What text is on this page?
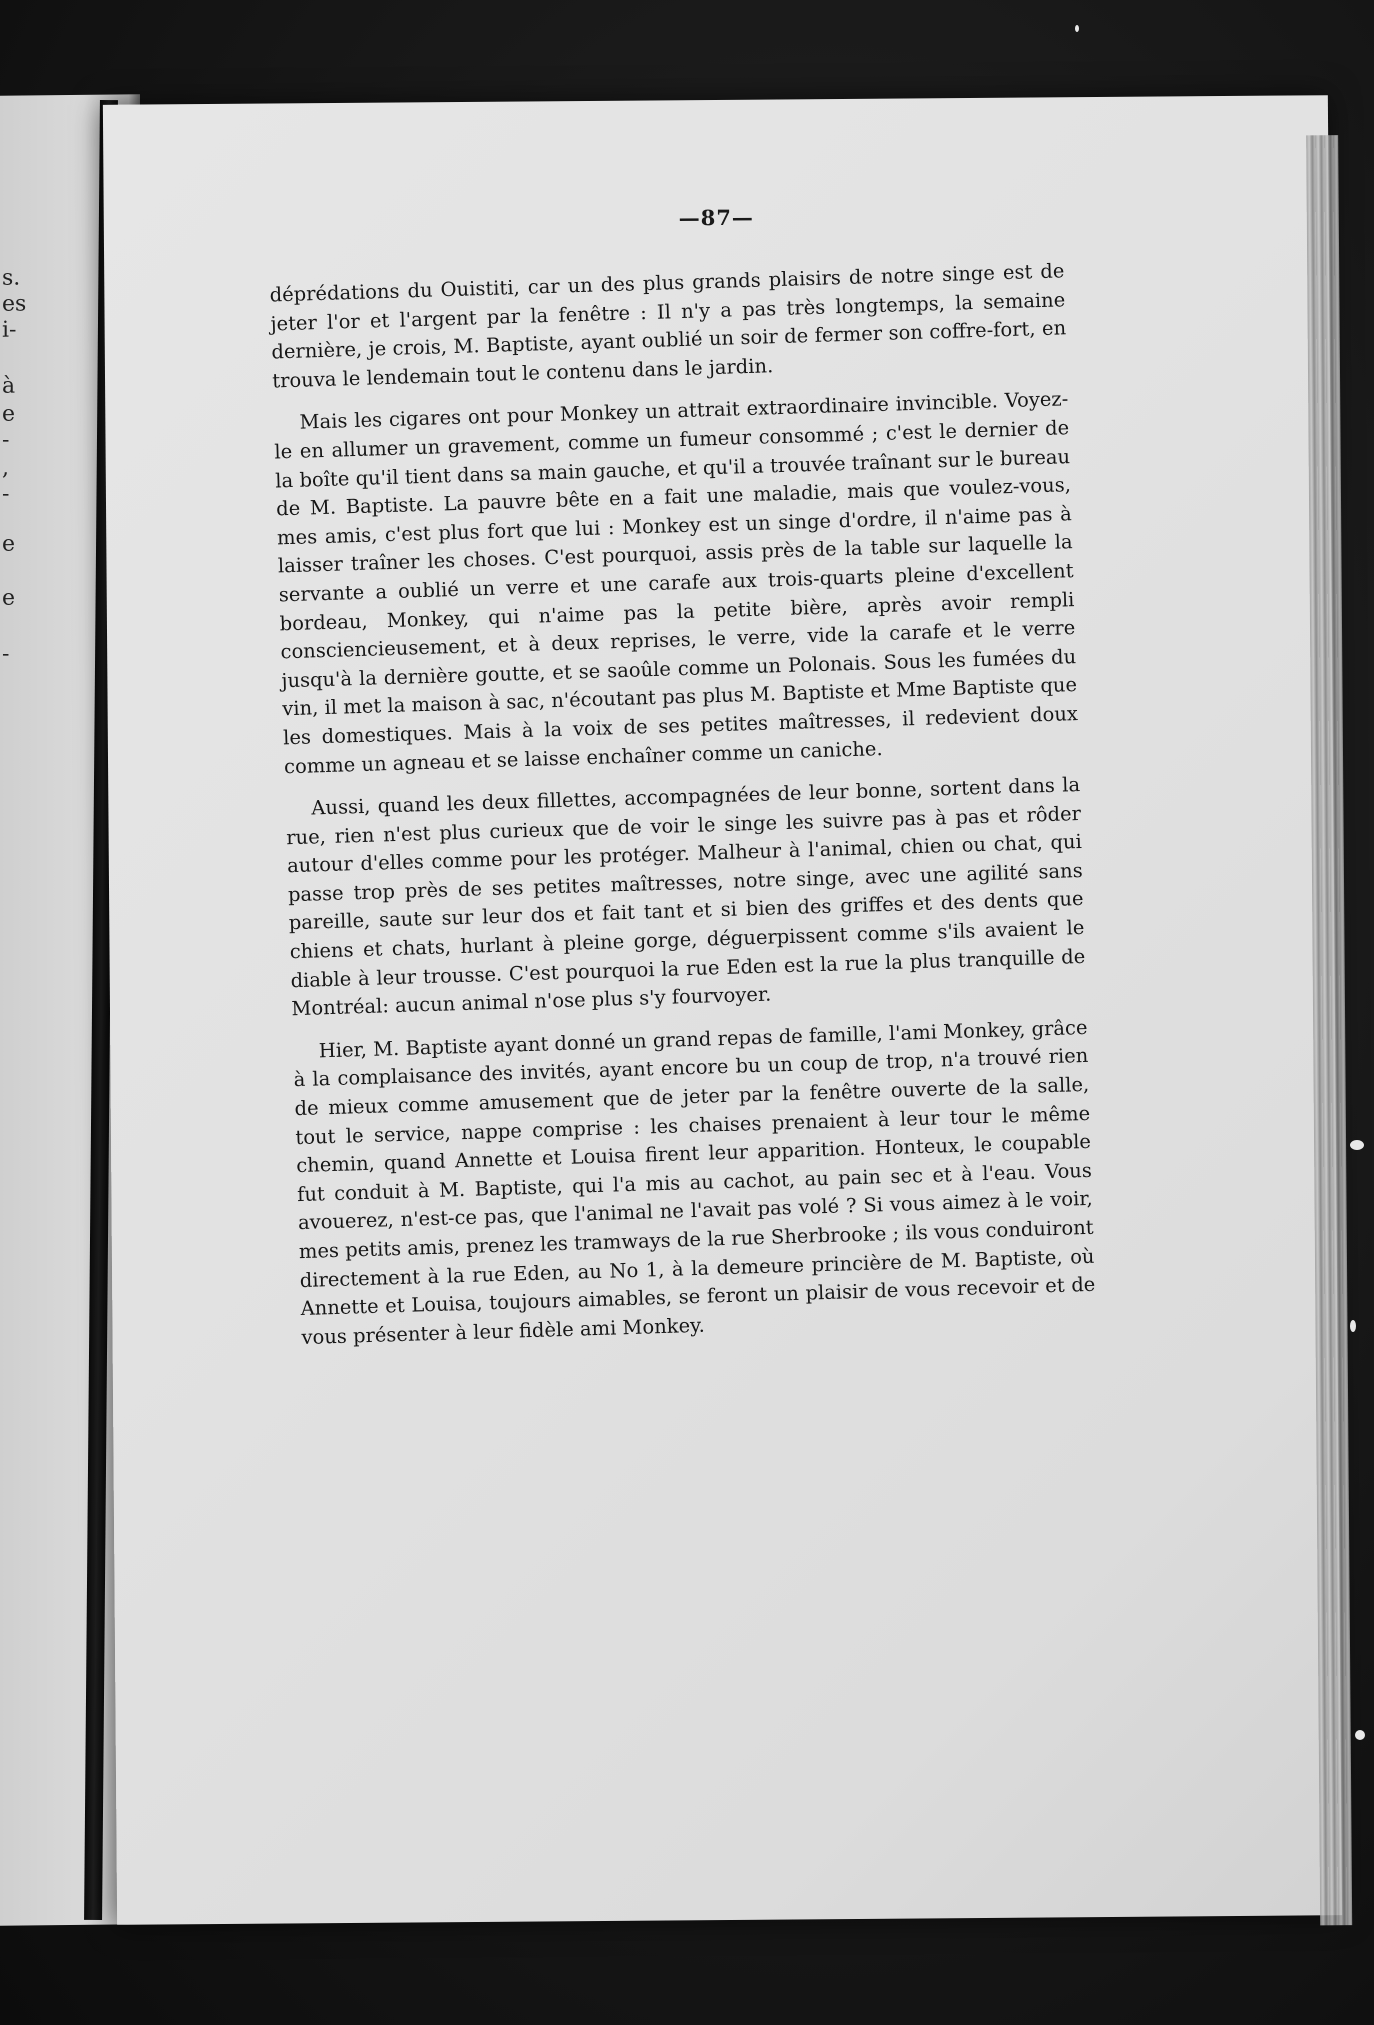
s.
es
i-
à
e
-
,
-
e
e
-
—87—

déprédations du Ouistiti, car un des plus grands plaisirs de notre singe est de jeter l'or et l'argent par la fenêtre : Il n'y a pas très longtemps, la semaine dernière, je crois, M. Baptiste, ayant oublié un soir de fermer son coffre-fort, en trouva le lendemain tout le contenu dans le jardin.

Mais les cigares ont pour Monkey un attrait extraordinaire invincible. Voyez-le en allumer un gravement, comme un fumeur consommé ; c'est le dernier de la boîte qu'il tient dans sa main gauche, et qu'il a trouvée traînant sur le bureau de M. Baptiste. La pauvre bête en a fait une maladie, mais que voulez-vous, mes amis, c'est plus fort que lui : Monkey est un singe d'ordre, il n'aime pas à laisser traîner les choses. C'est pourquoi, assis près de la table sur laquelle la servante a oublié un verre et une carafe aux trois-quarts pleine d'excellent bordeau, Monkey, qui n'aime pas la petite bière, après avoir rempli consciencieusement, et à deux reprises, le verre, vide la carafe et le verre jusqu'à la dernière goutte, et se saoûle comme un Polonais. Sous les fumées du vin, il met la maison à sac, n'écoutant pas plus M. Baptiste et Mme Baptiste que les domestiques. Mais à la voix de ses petites maîtresses, il redevient doux comme un agneau et se laisse enchaîner comme un caniche.

Aussi, quand les deux fillettes, accompagnées de leur bonne, sortent dans la rue, rien n'est plus curieux que de voir le singe les suivre pas à pas et rôder autour d'elles comme pour les protéger. Malheur à l'animal, chien ou chat, qui passe trop près de ses petites maîtresses, notre singe, avec une agilité sans pareille, saute sur leur dos et fait tant et si bien des griffes et des dents que chiens et chats, hurlant à pleine gorge, déguerpissent comme s'ils avaient le diable à leur trousse. C'est pourquoi la rue Eden est la rue la plus tranquille de Montréal: aucun animal n'ose plus s'y fourvoyer.

Hier, M. Baptiste ayant donné un grand repas de famille, l'ami Monkey, grâce à la complaisance des invités, ayant encore bu un coup de trop, n'a trouvé rien de mieux comme amusement que de jeter par la fenêtre ouverte de la salle, tout le service, nappe comprise : les chaises prenaient à leur tour le même chemin, quand Annette et Louisa firent leur apparition. Honteux, le coupable fut conduit à M. Baptiste, qui l'a mis au cachot, au pain sec et à l'eau. Vous avouerez, n'est-ce pas, que l'animal ne l'avait pas volé ? Si vous aimez à le voir, mes petits amis, prenez les tramways de la rue Sherbrooke ; ils vous conduiront directement à la rue Eden, au No 1, à la demeure princière de M. Baptiste, où Annette et Louisa, toujours aimables, se feront un plaisir de vous recevoir et de vous présenter à leur fidèle ami Monkey.
